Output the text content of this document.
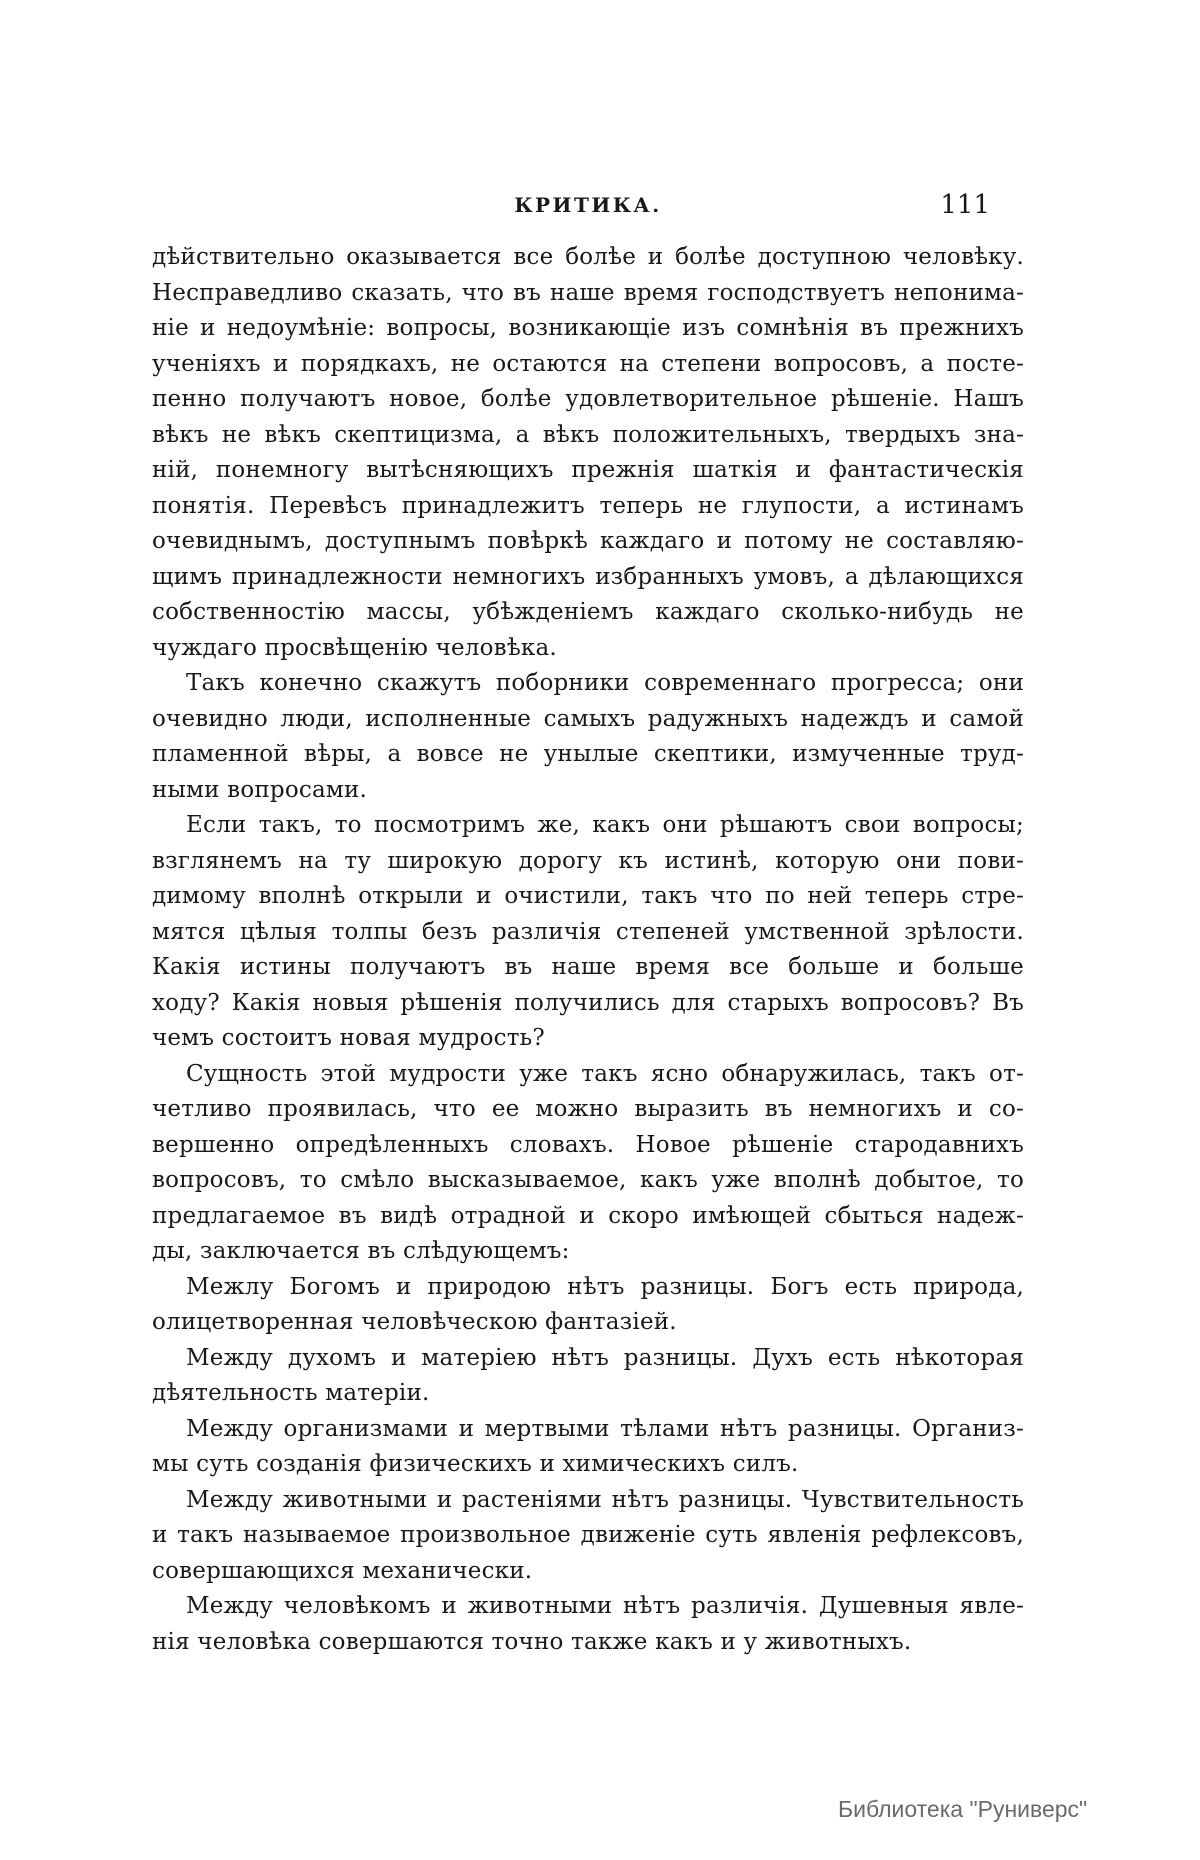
КРИТИКА.	111
дѣйствительно оказывается все болѣе и болѣе доступною человѣку.
Несправедливо сказать, что въ наше время господствуетъ непонима-
ніе и недоумѣніе: вопросы, возникающіе изъ сомнѣнія въ прежнихъ
ученіяхъ и порядкахъ, не остаются на степени вопросовъ, а посте-
пенно получаютъ новое, болѣе удовлетворительное рѣшеніе. Нашъ
вѣкъ не вѣкъ скептицизма, а вѣкъ положительныхъ, твердыхъ зна-
ній, понемногу вытѣсняющихъ прежнія шаткія и фантастическія
понятія. Перевѣсъ принадлежитъ теперь не глупости, а истинамъ
очевиднымъ, доступнымъ повѣркѣ каждаго и потому не составляю-
щимъ принадлежности немногихъ избранныхъ умовъ, а дѣлающихся
собственностію массы, убѣжденіемъ каждаго сколько-нибудь не
чуждаго просвѣщенію человѣка.
Такъ конечно скажутъ поборники современнаго прогресса; они
очевидно люди, исполненные самыхъ радужныхъ надеждъ и самой
пламенной вѣры, а вовсе не унылые скептики, измученные труд-
ными вопросами.
Если такъ, то посмотримъ же, какъ они рѣшаютъ свои вопросы;
взглянемъ на ту широкую дорогу къ истинѣ, которую они пови-
димому вполнѣ открыли и очистили, такъ что по ней теперь стре-
мятся цѣлыя толпы безъ различія степеней умственной зрѣлости.
Какія истины получаютъ въ наше время все больше и больше
ходу? Какія новыя рѣшенія получились для старыхъ вопросовъ? Въ
чемъ состоитъ новая мудрость?
Сущность этой мудрости уже такъ ясно обнаружилась, такъ от-
четливо проявилась, что ее можно выразить въ немногихъ и со-
вершенно опредѣленныхъ словахъ. Новое рѣшеніе стародавнихъ
вопросовъ, то смѣло высказываемое, какъ уже вполнѣ добытое, то
предлагаемое въ видѣ отрадной и скоро имѣющей сбыться надеж-
ды, заключается въ слѣдующемъ:
Межлу Богомъ и природою нѣтъ разницы. Богъ есть природа,
олицетворенная человѣческою фантазіей.
Между духомъ и матеріею нѣтъ разницы. Духъ есть нѣкоторая
дѣятельность матеріи.
Между организмами и мертвыми тѣлами нѣтъ разницы. Организ-
мы суть созданія физическихъ и химическихъ силъ.
Между животными и растеніями нѣтъ разницы. Чувствительность
и такъ называемое произвольное движеніе суть явленія рефлексовъ,
совершающихся механически.
Между человѣкомъ и животными нѣтъ различія. Душевныя явле-
нія человѣка совершаются точно также какъ и у животныхъ.
Библиотека "Руниверс"
